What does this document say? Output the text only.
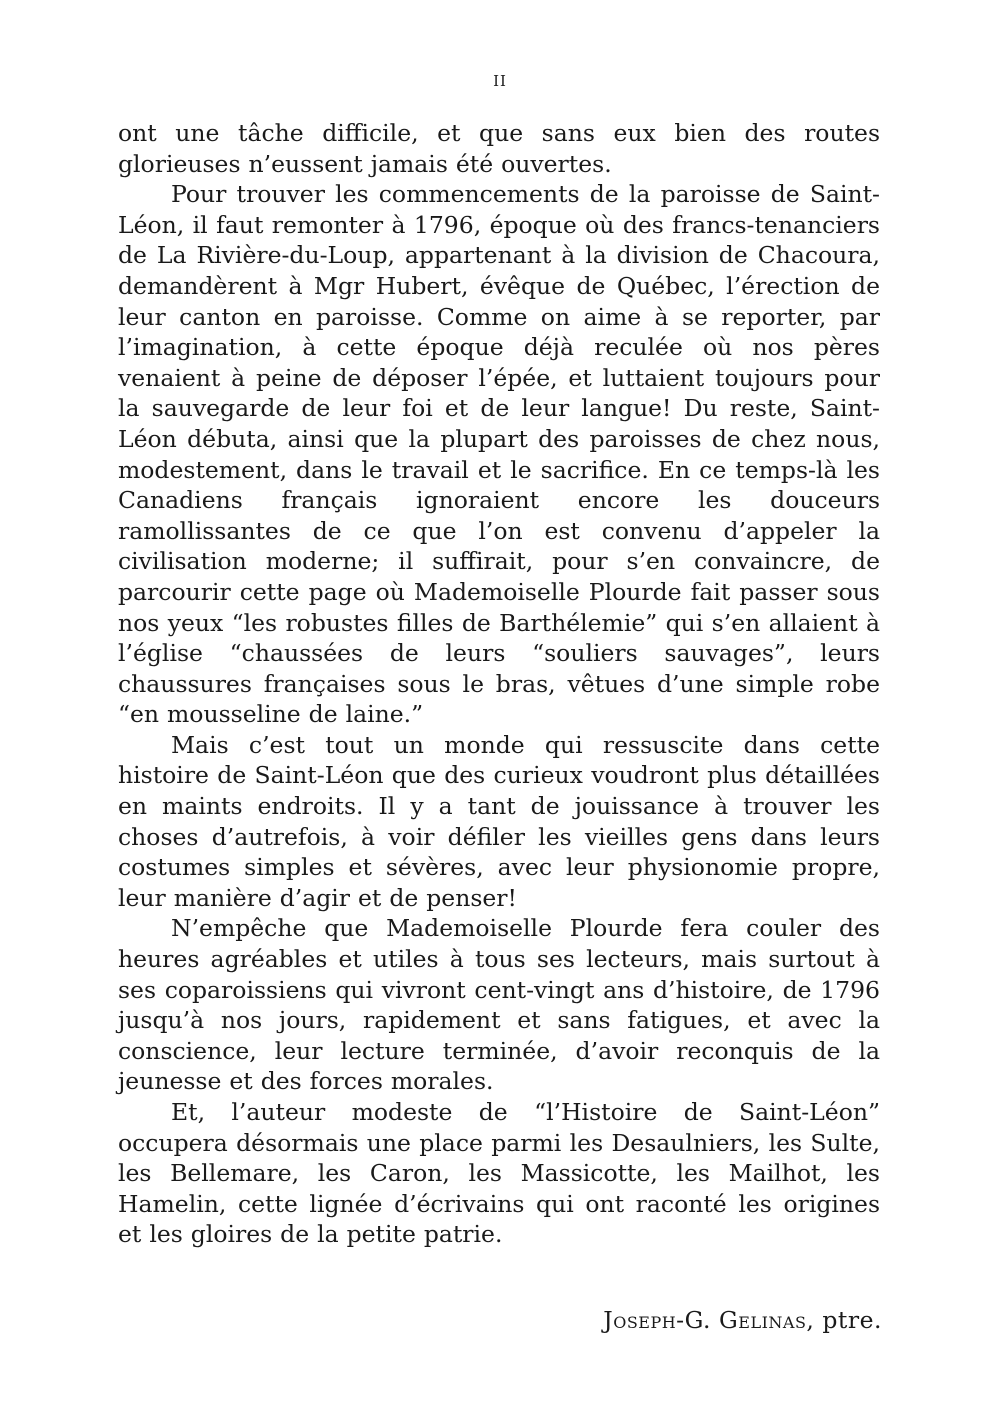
II

ont une tâche difficile, et que sans eux bien des routes glorieuses n’eussent jamais été ouvertes.

Pour trouver les commencements de la paroisse de Saint-Léon, il faut remonter à 1796, époque où des francs-tenanciers de La Rivière-du-Loup, appartenant à la division de Chacoura, demandèrent à Mgr Hubert, évêque de Québec, l’érection de leur canton en paroisse. Comme on aime à se reporter, par l’imagination, à cette époque déjà reculée où nos pères venaient à peine de déposer l’épée, et luttaient toujours pour la sauvegarde de leur foi et de leur langue! Du reste, Saint-Léon débuta, ainsi que la plupart des paroisses de chez nous, modestement, dans le travail et le sacrifice. En ce temps-là les Canadiens français ignoraient encore les douceurs ramollissantes de ce que l’on est convenu d’appeler la civilisation moderne; il suffirait, pour s’en convaincre, de parcourir cette page où Mademoiselle Plourde fait passer sous nos yeux “les robustes filles de Barthélemie” qui s’en allaient à l’église “chaussées de leurs “souliers sauvages”, leurs chaussures françaises sous le bras, vêtues d’une simple robe “en mousseline de laine.”

Mais c’est tout un monde qui ressuscite dans cette histoire de Saint-Léon que des curieux voudront plus détaillées en maints endroits. Il y a tant de jouissance à trouver les choses d’autrefois, à voir défiler les vieilles gens dans leurs costumes simples et sévères, avec leur physionomie propre, leur manière d’agir et de penser!

N’empêche que Mademoiselle Plourde fera couler des heures agréables et utiles à tous ses lecteurs, mais surtout à ses coparoissiens qui vivront cent-vingt ans d’histoire, de 1796 jusqu’à nos jours, rapidement et sans fatigues, et avec la conscience, leur lecture terminée, d’avoir reconquis de la jeunesse et des forces morales.

Et, l’auteur modeste de “l’Histoire de Saint-Léon” occupera désormais une place parmi les Desaulniers, les Sulte, les Bellemare, les Caron, les Massicotte, les Mailhot, les Hamelin, cette lignée d’écrivains qui ont raconté les origines et les gloires de la petite patrie.

Joseph-G. Gelinas, ptre.
